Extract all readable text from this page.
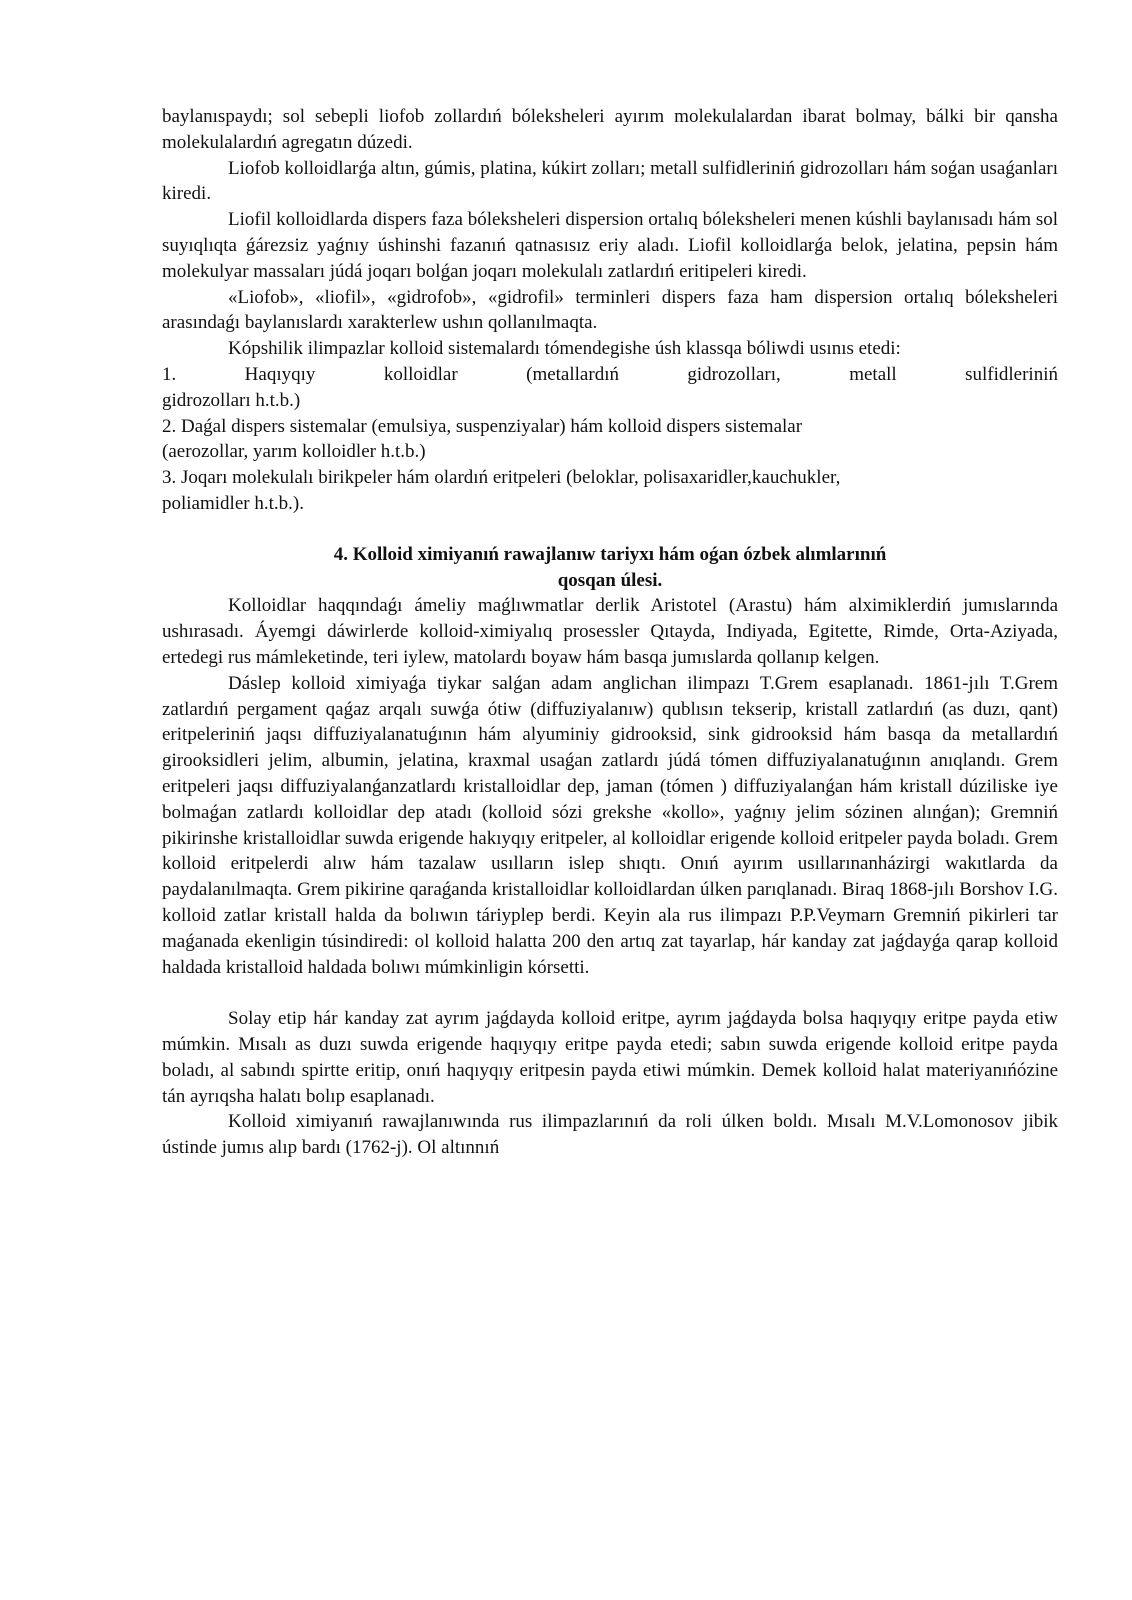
baylanıspaydı; sol sebepli liofob zollardıń bóleksheleri ayırım molekulalardan ibarat bolmay, bálki bir qansha molekulalardıń agregatın dúzedi.

Liofob kolloidlarǵa altın, gúmis, platina, kúkirt zolları; metall sulfidleriniń gidrozolları hám soǵan usaǵanları kiredi.

Liofil kolloidlarda dispers faza bóleksheleri dispersion ortalıq bóleksheleri menen kúshli baylanısadı hám sol suyıqlıqta ǵárezsiz yaǵnıy úshinshi fazanıń qatnasısız eriy aladı. Liofil kolloidlarǵa belok, jelatina, pepsin hám molekulyar massaları júdá joqarı bolǵan joqarı molekulalı zatlardıń eritipeleri kiredi.

«Liofob», «liofil», «gidrofob», «gidrofil» terminleri dispers faza ham dispersion ortalıq bóleksheleri arasındaǵı baylanıslardı xarakterlew ushın qollanılmaqta.

Kópshilik ilimpazlar kolloid sistemalardı tómendegishe úsh klassqa bóliwdi usınıs etedi:

1. Haqıyqıy kolloidlar (metallardıń gidrozolları, metall sulfidleriniń
gidrozolları h.t.b.)

2. Daǵal dispers sistemalar (emulsiya, suspenziyalar) hám kolloid dispers sistemalar
(aerozollar, yarım kolloidler h.t.b.)

3. Joqarı molekulalı birikpeler hám olardıń eritpeleri (beloklar, polisaxaridler,kauchukler,
poliamidler h.t.b.).

4. Kolloid ximiyanıń rawajlanıw tariyxı hám oǵan ózbek alımlarınıń
qosqan úlesi.

Kolloidlar haqqındaǵı ámeliy maǵlıwmatlar derlik Aristotel (Arastu) hám alximiklerdiń jumıslarında ushırasadı. Áyemgi dáwirlerde kolloid-ximiyalıq prosessler Qıtayda, Indiyada, Egitette, Rimde, Orta-Aziyada, ertedegi rus mámleketinde, teri iylew, matolardı boyaw hám basqa jumıslarda qollanıp kelgen.

Dáslep kolloid ximiyaǵa tiykar salǵan adam anglichan ilimpazı T.Grem esaplanadı. 1861-jılı T.Grem zatlardıń pergament qaǵaz arqalı suwǵa ótiw (diffuziyalanıw) qublısın tekserip, kristall zatlardıń (as duzı, qant) eritpeleriniń jaqsı diffuziyalanatuǵının hám alyuminiy gidrooksid, sink gidrooksid hám basqa da metallardıń girooksidleri jelim, albumin, jelatina, kraxmal usaǵan zatlardı júdá tómen diffuziyalanatuǵının anıqlandı. Grem eritpeleri jaqsı diffuziyalanǵanzatlardı kristalloidlar dep, jaman (tómen ) diffuziyalanǵan hám kristall dúziliske iye bolmaǵan zatlardı kolloidlar dep atadı (kolloid sózi grekshe «kollo», yaǵnıy jelim sózinen alınǵan); Gremniń pikirinshe kristalloidlar suwda erigende hakıyqıy eritpeler, al kolloidlar erigende kolloid eritpeler payda boladı. Grem kolloid eritpelerdi alıw hám tazalaw usılların islep shıqtı. Onıń ayırım usıllarınanházirgi wakıtlarda da paydalanılmaqta. Grem pikirine qaraǵanda kristalloidlar kolloidlardan úlken parıqlanadı. Biraq 1868-jılı Borshov I.G. kolloid zatlar kristall halda da bolıwın táriyplep berdi. Keyin ala rus ilimpazı P.P.Veymarn Gremniń pikirleri tar maǵanada ekenligin túsindiredi: ol kolloid halatta 200 den artıq zat tayarlap, hár kanday zat jaǵdayǵa qarap kolloid haldada kristalloid haldada bolıwı múmkinligin kórsetti.

Solay etip hár kanday zat ayrım jaǵdayda kolloid eritpe, ayrım jaǵdayda bolsa haqıyqıy eritpe payda etiw múmkin. Mısalı as duzı suwda erigende haqıyqıy eritpe payda etedi; sabın suwda erigende kolloid eritpe payda boladı, al sabındı spirtte eritip, onıń haqıyqıy eritpesin payda etiwi múmkin. Demek kolloid halat materiyanıńózine tán ayrıqsha halatı bolıp esaplanadı.

Kolloid ximiyanıń rawajlanıwında rus ilimpazlarınıń da roli úlken boldı. Mısalı M.V.Lomonosov jibik ústinde jumıs alıp bardı (1762-j). Ol altınnıń
